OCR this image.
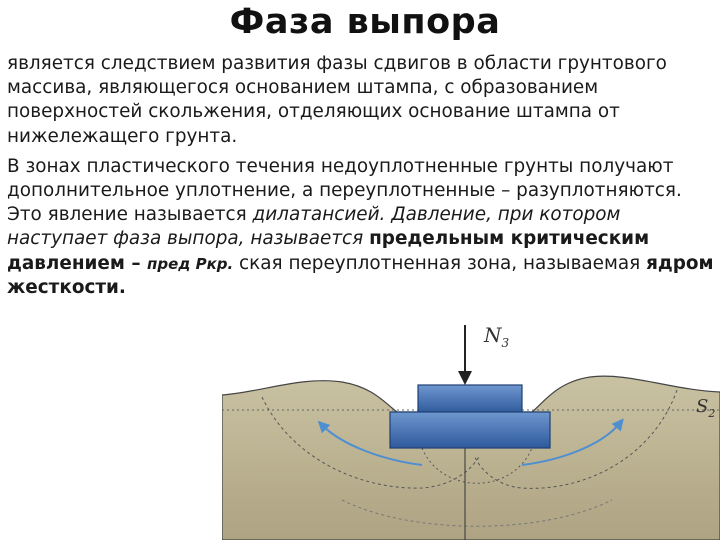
Фаза выпора

является следствием развития фазы сдвигов в области грунтового массива, являющегося основанием штампа, с образованием поверхностей скольжения, отделяющих основание штампа от нижележащего грунта.

В зонах пластического течения недоуплотненные грунты получают дополнительное уплотнение, а переуплотненные – разуплотняются. Это явление называется дилатансией. Давление, при котором наступает фаза выпора, называется предельным критическим давлением – пред Ркр. ская переуплотненная зона, называемая ядром жесткости.

$N_3$
$S_2$
